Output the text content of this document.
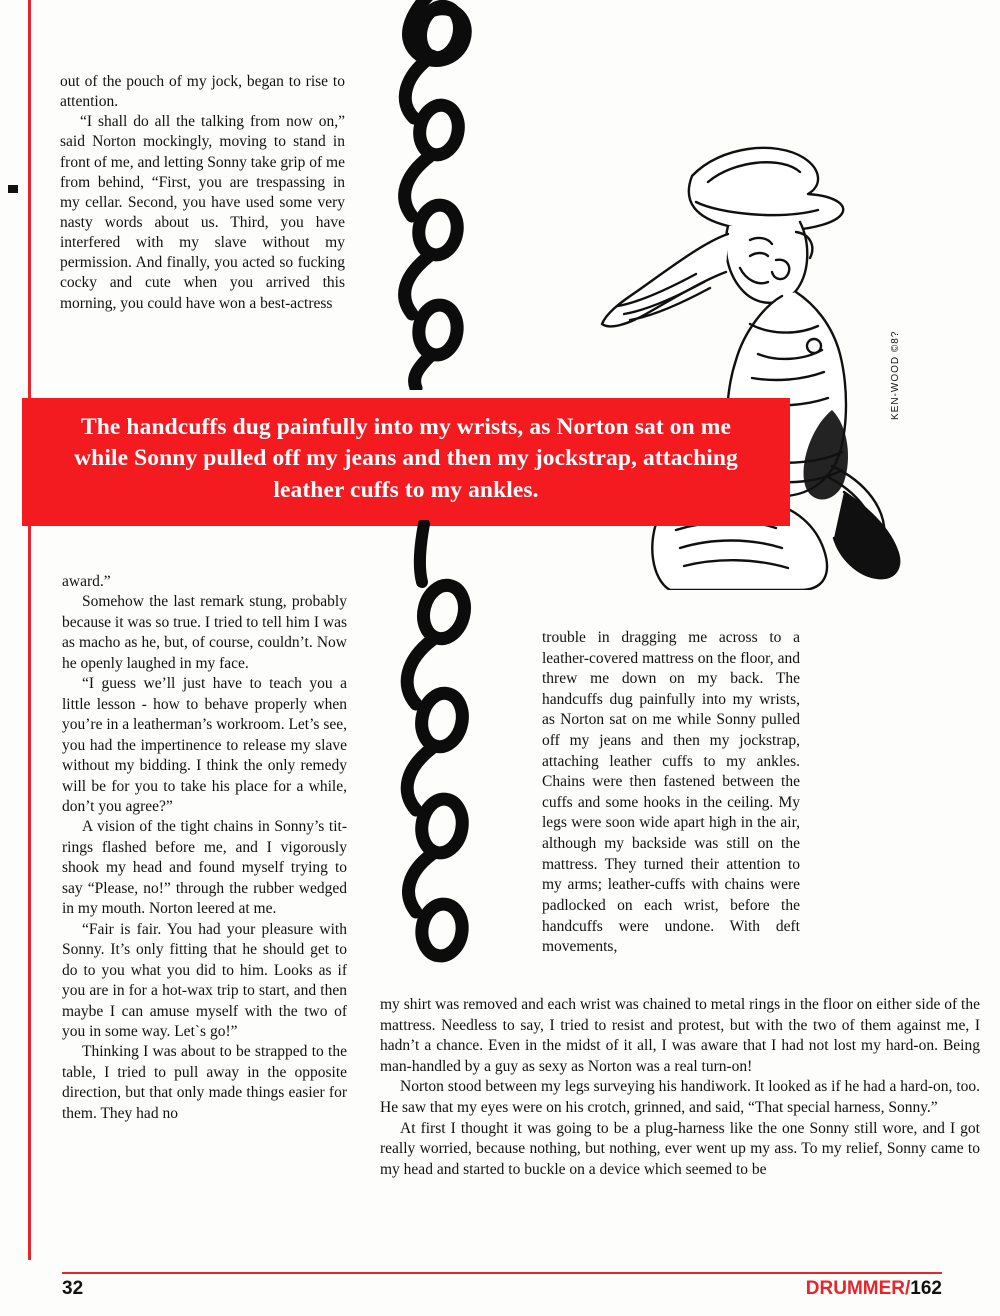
KEN-WOOD ©8?

out of the pouch of my jock, began to rise to attention.

“I shall do all the talking from now on,” said Norton mockingly, moving to stand in front of me, and letting Sonny take grip of me from behind, “First, you are trespassing in my cellar. Second, you have used some very nasty words about us. Third, you have interfered with my slave without my permission. And finally, you acted so fucking cocky and cute when you arrived this morning, you could have won a best-actress

The handcuffs dug painfully into my wrists, as Norton sat on me while Sonny pulled off my jeans and then my jockstrap, attaching leather cuffs to my ankles.

award.”

Somehow the last remark stung, probably because it was so true. I tried to tell him I was as macho as he, but, of course, couldn’t. Now he openly laughed in my face.

“I guess we’ll just have to teach you a little lesson - how to behave properly when you’re in a leatherman’s workroom. Let’s see, you had the impertinence to release my slave without my bidding. I think the only remedy will be for you to take his place for a while, don’t you agree?”

A vision of the tight chains in Sonny’s tit-rings flashed before me, and I vigorously shook my head and found myself trying to say “Please, no!” through the rubber wedged in my mouth. Norton leered at me.

“Fair is fair. You had your pleasure with Sonny. It’s only fitting that he should get to do to you what you did to him. Looks as if you are in for a hot-wax trip to start, and then maybe I can amuse myself with the two of you in some way. Let`s go!”

Thinking I was about to be strapped to the table, I tried to pull away in the opposite direction, but that only made things easier for them. They had no

trouble in dragging me across to a leather-covered mattress on the floor, and threw me down on my back. The handcuffs dug painfully into my wrists, as Norton sat on me while Sonny pulled off my jeans and then my jockstrap, attaching leather cuffs to my ankles. Chains were then fastened between the cuffs and some hooks in the ceiling. My legs were soon wide apart high in the air, although my backside was still on the mattress. They turned their attention to my arms; leather-cuffs with chains were padlocked on each wrist, before the handcuffs were undone. With deft movements,

my shirt was removed and each wrist was chained to metal rings in the floor on either side of the mattress. Needless to say, I tried to resist and protest, but with the two of them against me, I hadn’t a chance. Even in the midst of it all, I was aware that I had not lost my hard-on. Being man-handled by a guy as sexy as Norton was a real turn-on!

Norton stood between my legs surveying his handiwork. It looked as if he had a hard-on, too. He saw that my eyes were on his crotch, grinned, and said, “That special harness, Sonny.”

At first I thought it was going to be a plug-harness like the one Sonny still wore, and I got really worried, because nothing, but nothing, ever went up my ass. To my relief, Sonny came to my head and started to buckle on a device which seemed to be

32	DRUMMER/162
